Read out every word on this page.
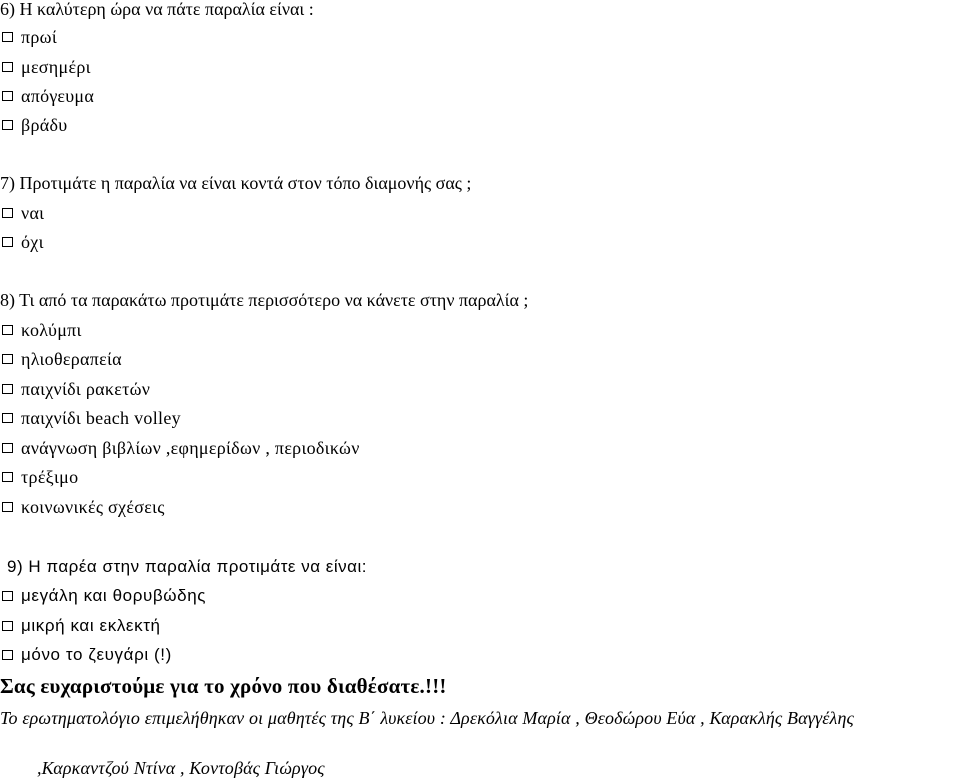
6) Η καλύτερη ώρα να πάτε παραλία είναι :
πρωί
μεσημέρι
απόγευμα
βράδυ
7) Προτιμάτε η παραλία να είναι κοντά στον τόπο διαμονής σας ;
ναι
όχι
8) Τι από τα παρακάτω προτιμάτε περισσότερο να κάνετε στην παραλία ;
κολύμπι
ηλιοθεραπεία
παιχνίδι ρακετών
παιχνίδι beach volley
ανάγνωση βιβλίων ,εφημερίδων , περιοδικών
τρέξιμο
κοινωνικές σχέσεις
9) Η παρέα στην παραλία προτιμάτε να είναι:
μεγάλη και θορυβώδης
μικρή και εκλεκτή
μόνο το ζευγάρι (!)
Σας ευχαριστούμε για το χρόνο που διαθέσατε.!!!
Το ερωτηματολόγιο επιμελήθηκαν οι μαθητές της Β΄ λυκείου : Δρεκόλια Μαρία , Θεοδώρου Εύα , Καρακλής Βαγγέλης
,Καρκαντζού Ντίνα , Κοντοβάς Γιώργος
